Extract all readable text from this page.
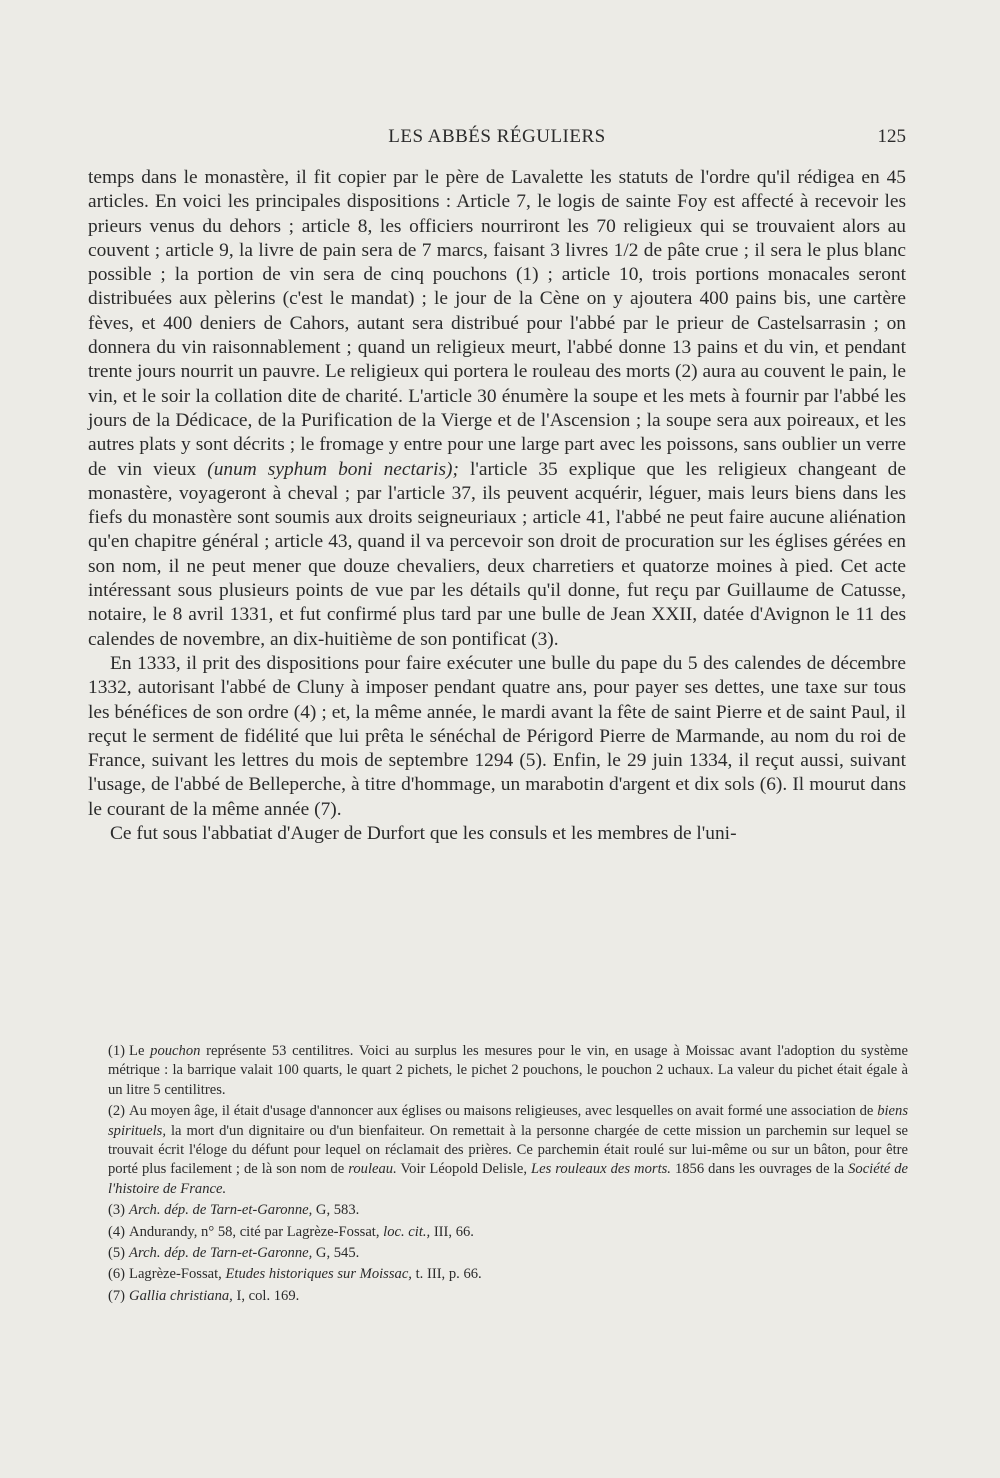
LES ABBÉS RÉGULIERS	125

temps dans le monastère, il fit copier par le père de Lavalette les statuts de l'ordre qu'il rédigea en 45 articles. En voici les principales dispositions : Article 7, le logis de sainte Foy est affecté à recevoir les prieurs venus du dehors ; article 8, les officiers nourriront les 70 religieux qui se trouvaient alors au couvent ; article 9, la livre de pain sera de 7 marcs, faisant 3 livres 1/2 de pâte crue ; il sera le plus blanc possible ; la portion de vin sera de cinq pouchons (1) ; article 10, trois portions monacales seront distribuées aux pèlerins (c'est le mandat) ; le jour de la Cène on y ajoutera 400 pains bis, une cartère fèves, et 400 deniers de Cahors, autant sera distribué pour l'abbé par le prieur de Castelsarrasin ; on donnera du vin raisonnablement ; quand un religieux meurt, l'abbé donne 13 pains et du vin, et pendant trente jours nourrit un pauvre. Le religieux qui portera le rouleau des morts (2) aura au couvent le pain, le vin, et le soir la collation dite de charité. L'article 30 énumère la soupe et les mets à fournir par l'abbé les jours de la Dédicace, de la Purification de la Vierge et de l'Ascension ; la soupe sera aux poireaux, et les autres plats y sont décrits ; le fromage y entre pour une large part avec les poissons, sans oublier un verre de vin vieux (unum syphum boni nectaris); l'article 35 explique que les religieux changeant de monastère, voyageront à cheval ; par l'article 37, ils peuvent acquérir, léguer, mais leurs biens dans les fiefs du monastère sont soumis aux droits seigneuriaux ; article 41, l'abbé ne peut faire aucune aliénation qu'en chapitre général ; article 43, quand il va percevoir son droit de procuration sur les églises gérées en son nom, il ne peut mener que douze chevaliers, deux charretiers et quatorze moines à pied. Cet acte intéressant sous plusieurs points de vue par les détails qu'il donne, fut reçu par Guillaume de Catusse, notaire, le 8 avril 1331, et fut confirmé plus tard par une bulle de Jean XXII, datée d'Avignon le 11 des calendes de novembre, an dix-huitième de son pontificat (3).

En 1333, il prit des dispositions pour faire exécuter une bulle du pape du 5 des calendes de décembre 1332, autorisant l'abbé de Cluny à imposer pendant quatre ans, pour payer ses dettes, une taxe sur tous les bénéfices de son ordre (4) ; et, la même année, le mardi avant la fête de saint Pierre et de saint Paul, il reçut le serment de fidélité que lui prêta le sénéchal de Périgord Pierre de Marmande, au nom du roi de France, suivant les lettres du mois de septembre 1294 (5). Enfin, le 29 juin 1334, il reçut aussi, suivant l'usage, de l'abbé de Belleperche, à titre d'hommage, un marabotin d'argent et dix sols (6). Il mourut dans le courant de la même année (7).

Ce fut sous l'abbatiat d'Auger de Durfort que les consuls et les membres de l'uni-

(1) Le pouchon représente 53 centilitres. Voici au surplus les mesures pour le vin, en usage à Moissac avant l'adoption du système métrique : la barrique valait 100 quarts, le quart 2 pichets, le pichet 2 pouchons, le pouchon 2 uchaux. La valeur du pichet était égale à un litre 5 centilitres.
(2) Au moyen âge, il était d'usage d'annoncer aux églises ou maisons religieuses, avec lesquelles on avait formé une association de biens spirituels, la mort d'un dignitaire ou d'un bienfaiteur. On remettait à la personne chargée de cette mission un parchemin sur lequel se trouvait écrit l'éloge du défunt pour lequel on réclamait des prières. Ce parchemin était roulé sur lui-même ou sur un bâton, pour être porté plus facilement ; de là son nom de rouleau. Voir Léopold Delisle, Les rouleaux des morts. 1856 dans les ouvrages de la Société de l'histoire de France.
(3) Arch. dép. de Tarn-et-Garonne, G, 583.
(4) Andurandy, n° 58, cité par Lagrèze-Fossat, loc. cit., III, 66.
(5) Arch. dép. de Tarn-et-Garonne, G, 545.
(6) Lagrèze-Fossat, Etudes historiques sur Moissac, t. III, p. 66.
(7) Gallia christiana, I, col. 169.
